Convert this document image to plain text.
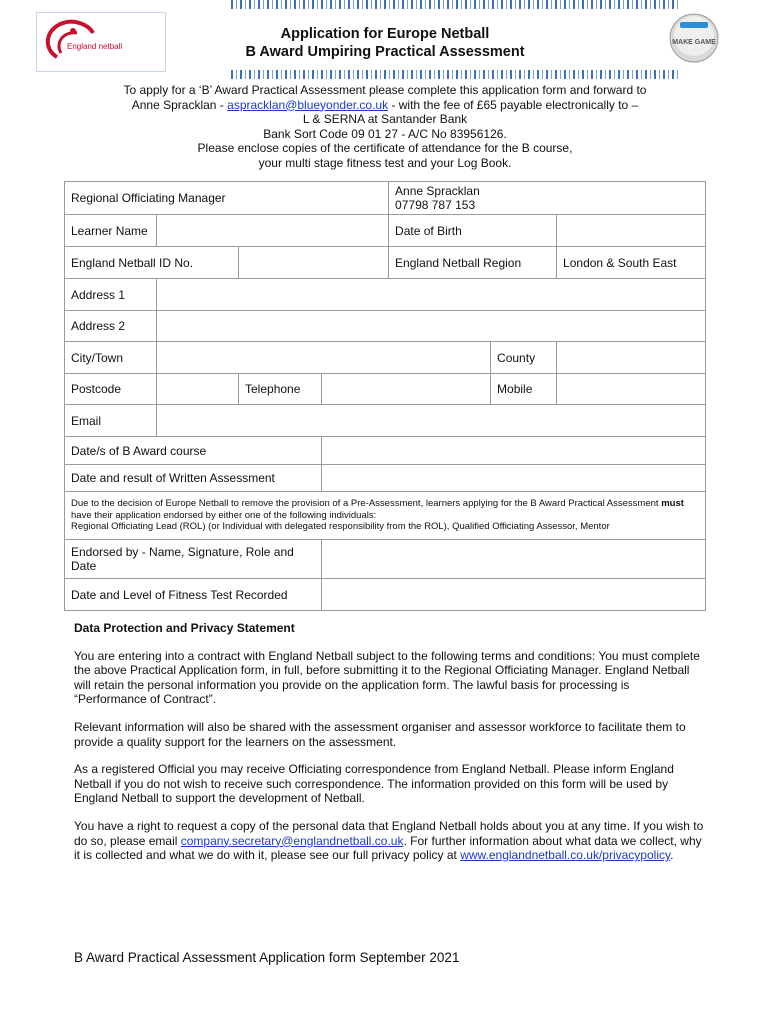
England netball	MAKE GAME
Application for Europe Netball
B Award Umpiring Practical Assessment
To apply for a ‘B’ Award Practical Assessment please complete this application form and forward to
Anne Spracklan - aspracklan@blueyonder.co.uk - with the fee of £65 payable electronically to –
L & SERNA at Santander Bank
Bank Sort Code 09 01 27 - A/C No 83956126.
Please enclose copies of the certificate of attendance for the B course,
your multi stage fitness test and your Log Book.
Regional Officiating Manager				Anne Spracklan
07798 787 153		

Learner Name				Date of Birth		
England Netball ID No.				England Netball Region		London & South East
Address 1						
Address 2						
City/Town					County	
Postcode		Telephone			Mobile	
Email						
Date/s of B Award course						
Date and result of Written Assessment						
Due to the decision of Europe Netball to remove the provision of a Pre-Assessment, learners applying for the B Award Practical Assessment must have their application endorsed by either one of the following individuals:
Regional Officiating Lead (ROL) (or Individual with delegated responsibility from the ROL), Qualified Officiating Assessor, Mentor						
Endorsed by - Name, Signature, Role and Date						
Date and Level of Fitness Test Recorded						

Data Protection and Privacy Statement

You are entering into a contract with England Netball subject to the following terms and conditions: You must complete the above Practical Application form, in full, before submitting it to the Regional Officiating Manager. England Netball will retain the personal information you provide on the application form. The lawful basis for processing is “Performance of Contract”.

Relevant information will also be shared with the assessment organiser and assessor workforce to facilitate them to provide a quality support for the learners on the assessment.

As a registered Official you may receive Officiating correspondence from England Netball. Please inform England Netball if you do not wish to receive such correspondence. The information provided on this form will be used by England Netball to support the development of Netball.

You have a right to request a copy of the personal data that England Netball holds about you at any time. If you wish to do so, please email company.secretary@englandnetball.co.uk. For further information about what data we collect, why it is collected and what we do with it, please see our full privacy policy at www.englandnetball.co.uk/privacypolicy.

B Award Practical Assessment Application form September 2021
